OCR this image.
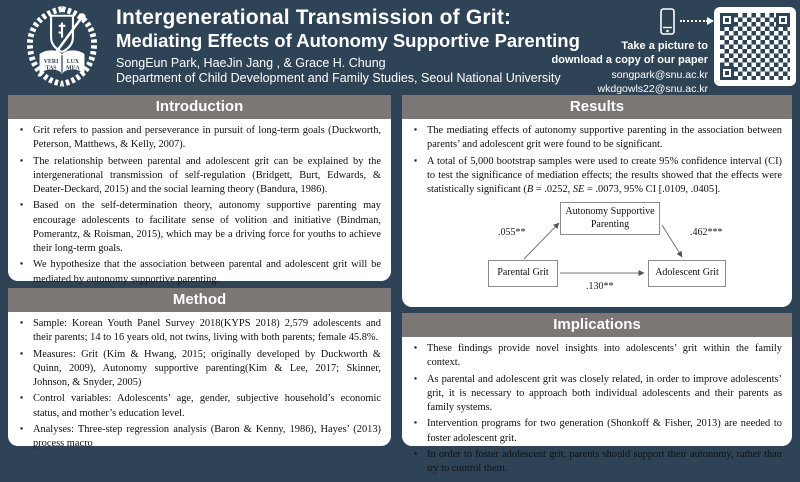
VERI LUX
TAS MEA
Intergenerational Transmission of Grit:
Mediating Effects of Autonomy Supportive Parenting
SongEun Park, HaeJin Jang , & Grace H. Chung
Department of Child Development and Family Studies, Seoul National University
Take a picture to
download a copy of our paper
songpark@snu.ac.kr
wkdgowls22@snu.ac.kr
Introduction
▪ Grit refers to passion and perseverance in pursuit of long-term goals (Duckworth, Peterson, Matthews, & Kelly, 2007).
▪ The relationship between parental and adolescent grit can be explained by the intergenerational transmission of self-regulation (Bridgett, Burt, Edwards, & Deater-Deckard, 2015) and the social learning theory (Bandura, 1986).
▪ Based on the self-determination theory, autonomy supportive parenting may encourage adolescents to facilitate sense of volition and initiative (Bindman, Pomerantz, & Roisman, 2015), which may be a driving force for youths to achieve their long-term goals.
▪ We hypothesize that the association between parental and adolescent grit will be mediated by autonomy supportive parenting.
Method
▪ Sample: Korean Youth Panel Survey 2018(KYPS 2018) 2,579 adolescents and their parents; 14 to 16 years old, not twins, living with both parents; female 45.8%.
▪ Measures: Grit (Kim & Hwang, 2015; originally developed by Duckworth & Quinn, 2009), Autonomy supportive parenting(Kim & Lee, 2017; Skinner, Johnson, & Snyder, 2005)
▪ Control variables: Adolescents’ age, gender, subjective household’s economic status, and mother’s education level.
▪ Analyses: Three-step regression analysis (Baron & Kenny, 1986), Hayes’ (2013) process macro
Results
▪ The mediating effects of autonomy supportive parenting in the association between parents’ and adolescent grit were found to be significant.
▪ A total of 5,000 bootstrap samples were used to create 95% confidence interval (CI) to test the significance of mediation effects; the results showed that the effects were statistically significant (B = .0252, SE = .0073, 95% CI [.0109, .0405].
Autonomy Supportive Parenting
Parental Grit	Adolescent Grit
.055**	.462***
.130**
Implications
▪ These findings provide novel insights into adolescents’ grit within the family context.
▪ As parental and adolescent grit was closely related, in order to improve adolescents’ grit, it is necessary to approach both individual adolescents and their parents as family systems.
▪ Intervention programs for two generation (Shonkoff & Fisher, 2013) are needed to foster adolescent grit.
▪ In order to foster adolescent grit, parents should support their autonomy, rather than try to control them.
